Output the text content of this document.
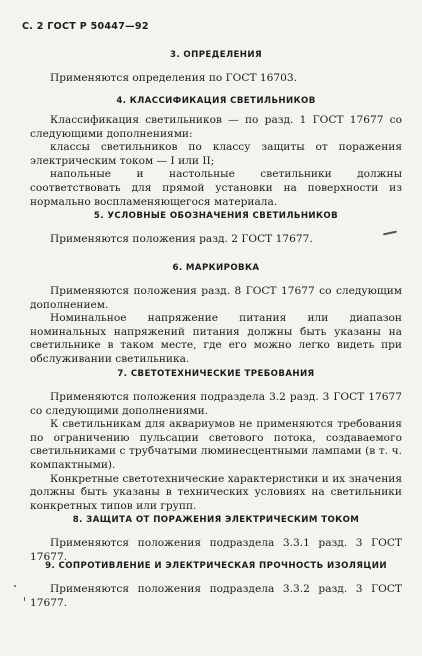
С. 2 ГОСТ Р 50447—92
3. ОПРЕДЕЛЕНИЯ

Применяются определения по ГОСТ 16703.

4. КЛАССИФИКАЦИЯ СВЕТИЛЬНИКОВ

Классификация светильников — по разд. 1 ГОСТ 17677 со следующими дополнениями:

классы светильников по классу защиты от поражения электрическим током — I или II;

напольные и настольные светильники должны соответствовать для прямой установки на поверхности из нормально воспламеняющегося материала.

5. УСЛОВНЫЕ ОБОЗНАЧЕНИЯ СВЕТИЛЬНИКОВ

Применяются положения разд. 2 ГОСТ 17677.

6. МАРКИРОВКА

Применяются положения разд. 8 ГОСТ 17677 со следующим дополнением.

Номинальное напряжение питания или диапазон номинальных напряжений питания должны быть указаны на светильнике в таком месте, где его можно легко видеть при обслуживании светильника.

7. СВЕТОТЕХНИЧЕСКИЕ ТРЕБОВАНИЯ

Применяются положения подраздела 3.2 разд. 3 ГОСТ 17677 со следующими дополнениями.

К светильникам для аквариумов не применяются требования по ограничению пульсации светового потока, создаваемого светильниками с трубчатыми люминесцентными лампами (в т. ч. компактными).

Конкретные светотехнические характеристики и их значения должны быть указаны в технических условиях на светильники конкретных типов или групп.

8. ЗАЩИТА ОТ ПОРАЖЕНИЯ ЭЛЕКТРИЧЕСКИМ ТОКОМ

Применяются положения подраздела 3.3.1 разд. 3 ГОСТ 17677.

9. СОПРОТИВЛЕНИЕ И ЭЛЕКТРИЧЕСКАЯ ПРОЧНОСТЬ ИЗОЛЯЦИИ

Применяются положения подраздела 3.3.2 разд. 3 ГОСТ 17677.
